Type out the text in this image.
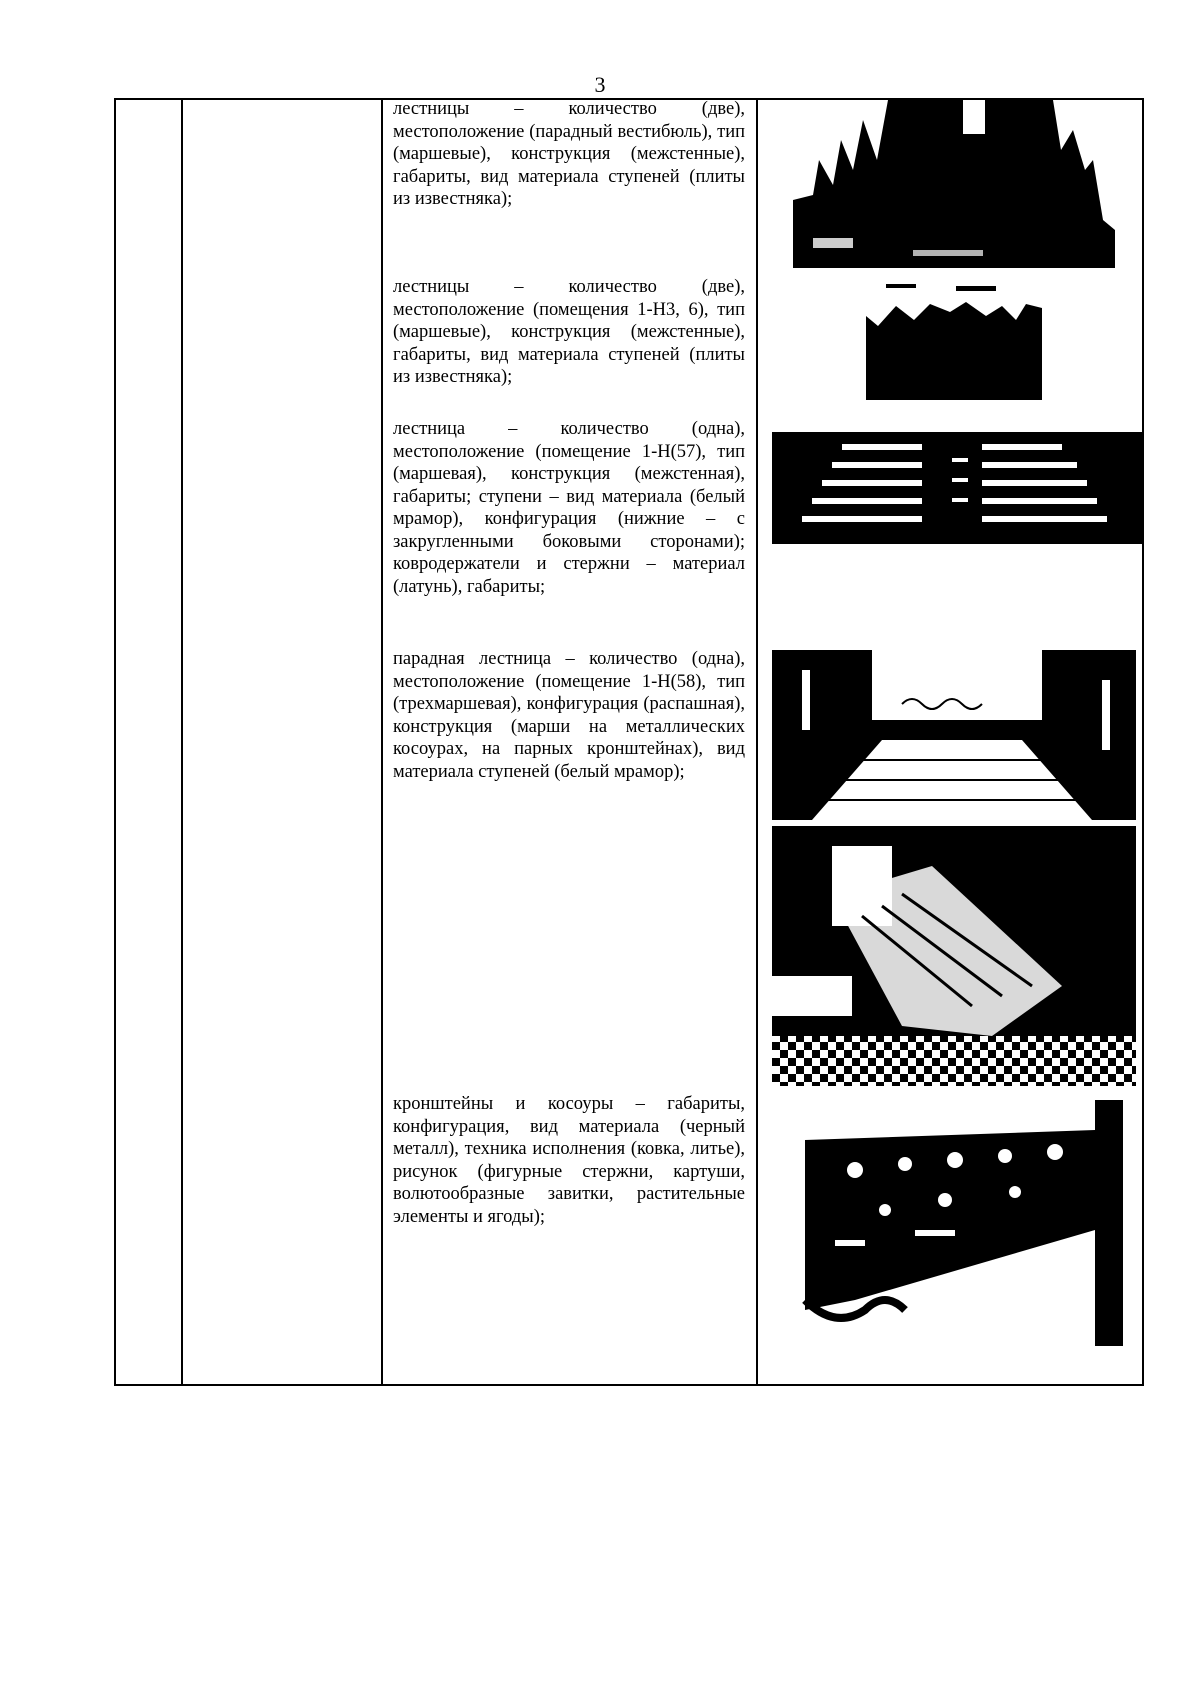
3
лестницы – количество (две), местоположение (парадный вестибюль), тип (маршевые), конструкция (межстенные), габариты, вид материала ступеней (плиты из известняка);
лестницы – количество (две), местоположение (помещения 1-Н3, 6), тип (маршевые), конструкция (межстенные), габариты, вид материала ступеней (плиты из известняка);
лестница – количество (одна), местоположение (помещение 1-Н(57), тип (маршевая), конструкция (межстенная), габариты; ступени – вид материала (белый мрамор), конфигурация (нижние – с закругленными боковыми сторонами); ковродержатели и стержни – материал (латунь), габариты;
парадная лестница – количество (одна), местоположение (помещение 1-Н(58), тип (трехмаршевая), конфигурация (распашная), конструкция (марши на металлических косоурах, на парных кронштейнах), вид материала ступеней (белый мрамор);
кронштейны и косоуры – габариты, конфигурация, вид материала (черный металл), техника исполнения (ковка, литье), рисунок (фигурные стержни, картуши, волютообразные завитки, растительные элементы и ягоды);
